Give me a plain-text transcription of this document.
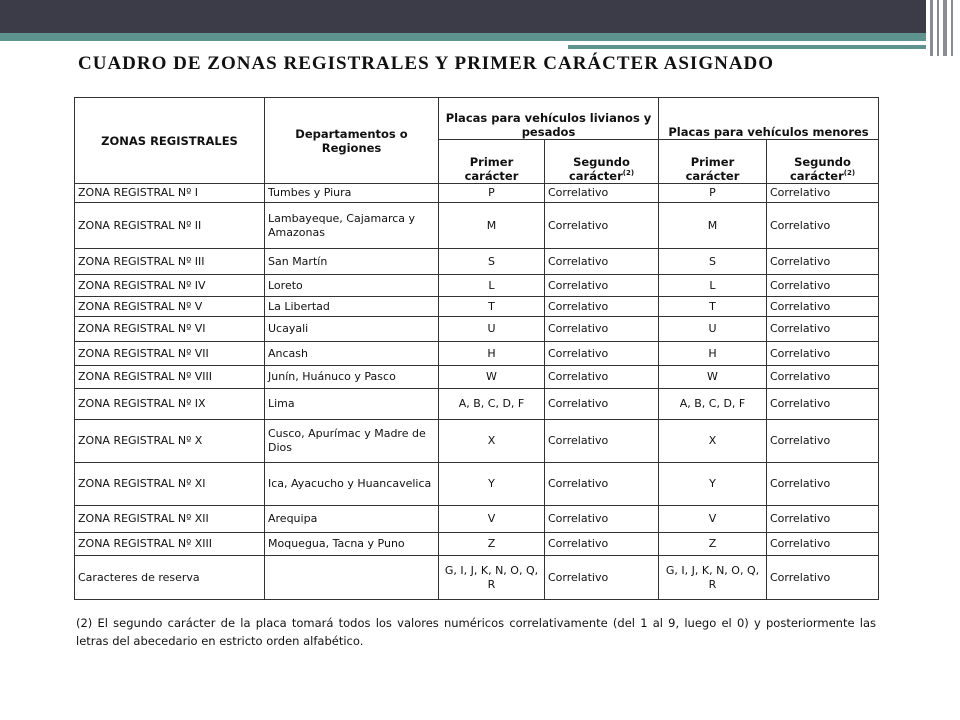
CUADRO DE ZONAS REGISTRALES Y PRIMER CARÁCTER ASIGNADO
ZONAS REGISTRALES	Departamentos o Regiones	Placas para vehículos livianos y pesados		Placas para vehículos menores	
		Primer carácter	Segundo carácter$^{(2)}$	Primer carácter	Segundo carácter$^{(2)}$
ZONA REGISTRAL Nº I	Tumbes y Piura	P	Correlativo	P	Correlativo
ZONA REGISTRAL Nº II	Lambayeque, Cajamarca y Amazonas	M	Correlativo	M	Correlativo
ZONA REGISTRAL Nº III	San Martín	S	Correlativo	S	Correlativo
ZONA REGISTRAL Nº IV	Loreto	L	Correlativo	L	Correlativo
ZONA REGISTRAL Nº V	La Libertad	T	Correlativo	T	Correlativo
ZONA REGISTRAL Nº VI	Ucayali	U	Correlativo	U	Correlativo
ZONA REGISTRAL Nº VII	Ancash	H	Correlativo	H	Correlativo
ZONA REGISTRAL Nº VIII	Junín, Huánuco y Pasco	W	Correlativo	W	Correlativo
ZONA REGISTRAL Nº IX	Lima	A, B, C, D, F	Correlativo	A, B, C, D, F	Correlativo
ZONA REGISTRAL Nº X	Cusco, Apurímac y Madre de Dios	X	Correlativo	X	Correlativo
ZONA REGISTRAL Nº XI	Ica, Ayacucho y Huancavelica	Y	Correlativo	Y	Correlativo
ZONA REGISTRAL Nº XII	Arequipa	V	Correlativo	V	Correlativo
ZONA REGISTRAL Nº XIII	Moquegua, Tacna y Puno	Z	Correlativo	Z	Correlativo
Caracteres de reserva		G, I, J, K, N, O, Q, R	Correlativo	G, I, J, K, N, O, Q, R	Correlativo
(2) El segundo carácter de la placa tomará todos los valores numéricos correlativamente (del 1 al 9, luego el 0) y posteriormente las letras del abecedario en estricto orden alfabético.
